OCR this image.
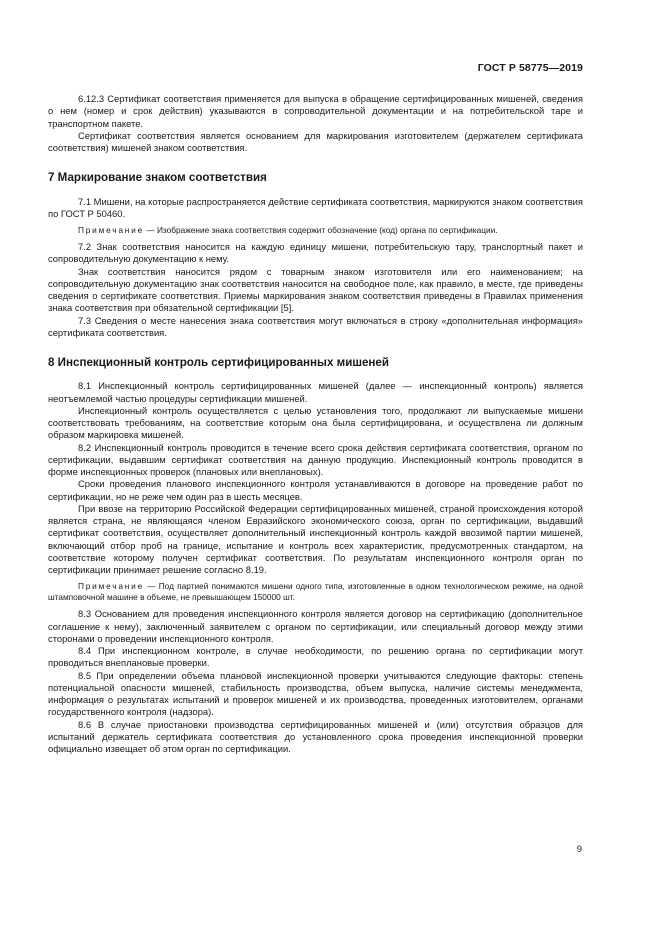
ГОСТ Р 58775—2019

6.12.3 Сертификат соответствия применяется для выпуска в обращение сертифицированных мишеней, сведения о нем (номер и срок действия) указываются в сопроводительной документации и на потребительской таре и транспортном пакете.

Сертификат соответствия является основанием для маркирования изготовителем (держателем сертификата соответствия) мишеней знаком соответствия.

7 Маркирование знаком соответствия

7.1 Мишени, на которые распространяется действие сертификата соответствия, маркируются знаком соответствия по ГОСТ Р 50460.

Примечание — Изображение знака соответствия содержит обозначение (код) органа по сертификации.

7.2 Знак соответствия наносится на каждую единицу мишени, потребительскую тару, транспортный пакет и сопроводительную документацию к нему.

Знак соответствия наносится рядом с товарным знаком изготовителя или его наименованием; на сопроводительную документацию знак соответствия наносится на свободное поле, как правило, в месте, где приведены сведения о сертификате соответствия. Приемы маркирования знаком соответствия приведены в Правилах применения знака соответствия при обязательной сертификации [5].

7.3 Сведения о месте нанесения знака соответствия могут включаться в строку «дополнительная информация» сертификата соответствия.

8 Инспекционный контроль сертифицированных мишеней

8.1 Инспекционный контроль сертифицированных мишеней (далее — инспекционный контроль) является неотъемлемой частью процедуры сертификации мишеней.

Инспекционный контроль осуществляется с целью установления того, продолжают ли выпускаемые мишени соответствовать требованиям, на соответствие которым она была сертифицирована, и осуществлена ли должным образом маркировка мишеней.

8.2 Инспекционный контроль проводится в течение всего срока действия сертификата соответствия, органом по сертификации, выдавшим сертификат соответствия на данную продукцию. Инспекционный контроль проводится в форме инспекционных проверок (плановых или внеплановых).

Сроки проведения планового инспекционного контроля устанавливаются в договоре на проведение работ по сертификации, но не реже чем один раз в шесть месяцев.

При ввозе на территорию Российской Федерации сертифицированных мишеней, страной происхождения которой является страна, не являющаяся членом Евразийского экономического союза, орган по сертификации, выдавший сертификат соответствия, осуществляет дополнительный инспекционный контроль каждой ввозимой партии мишеней, включающий отбор проб на границе, испытание и контроль всех характеристик, предусмотренных стандартом, на соответствие которому получен сертификат соответствия. По результатам инспекционного контроля орган по сертификации принимает решение согласно 8.19.

Примечание — Под партией понимаются мишени одного типа, изготовленные в одном технологическом режиме, на одной штамповочной машине в объеме, не превышающем 150000 шт.

8.3 Основанием для проведения инспекционного контроля является договор на сертификацию (дополнительное соглашение к нему), заключенный заявителем с органом по сертификации, или специальный договор между этими сторонами о проведении инспекционного контроля.

8.4 При инспекционном контроле, в случае необходимости, по решению органа по сертификации могут проводиться внеплановые проверки.

8.5 При определении объема плановой инспекционной проверки учитываются следующие факторы: степень потенциальной опасности мишеней, стабильность производства, объем выпуска, наличие системы менеджмента, информация о результатах испытаний и проверок мишеней и их производства, проведенных изготовителем, органами государственного контроля (надзора).

8.6 В случае приостановки производства сертифицированных мишеней и (или) отсутствия образцов для испытаний держатель сертификата соответствия до установленного срока проведения инспекционной проверки официально извещает об этом орган по сертификации.

9
